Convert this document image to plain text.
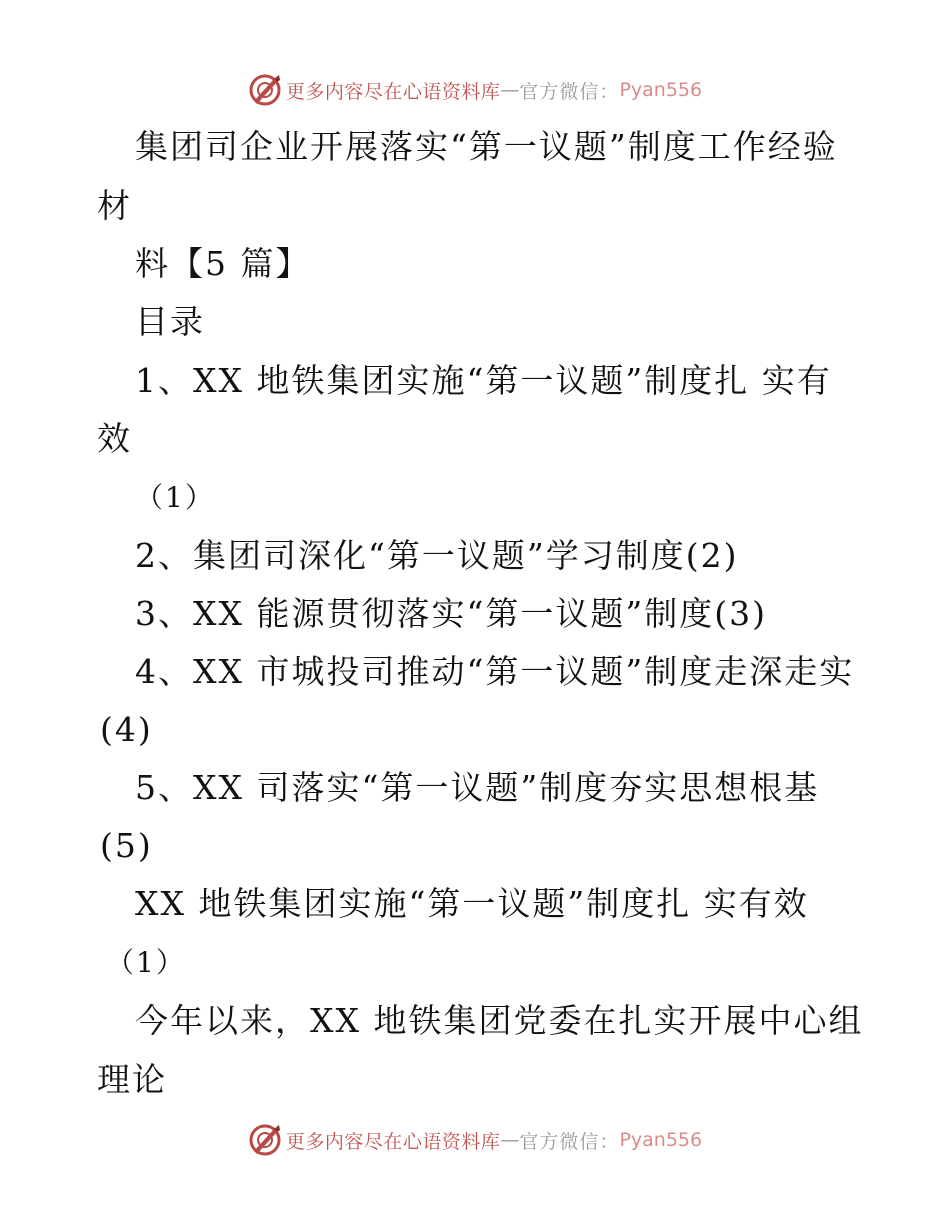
更多内容尽在心语资料库 — 官方微信： Pyan556
集团司企业开展落实“第一议题”制度工作经验
材
料【5 篇】
目录
1、XX 地铁集团实施“第一议题”制度扎 实有
效
（1）
2、集团司深化“第一议题”学习制度(2)
3、XX 能源贯彻落实“第一议题”制度(3)
4、XX 市城投司推动“第一议题”制度走深走实
(4)
5、XX 司落实“第一议题”制度夯实思想根基
(5)
XX 地铁集团实施“第一议题”制度扎 实有效
（1）
今年以来，XX 地铁集团党委在扎实开展中心组
理论
更多内容尽在心语资料库 — 官方微信： Pyan556
